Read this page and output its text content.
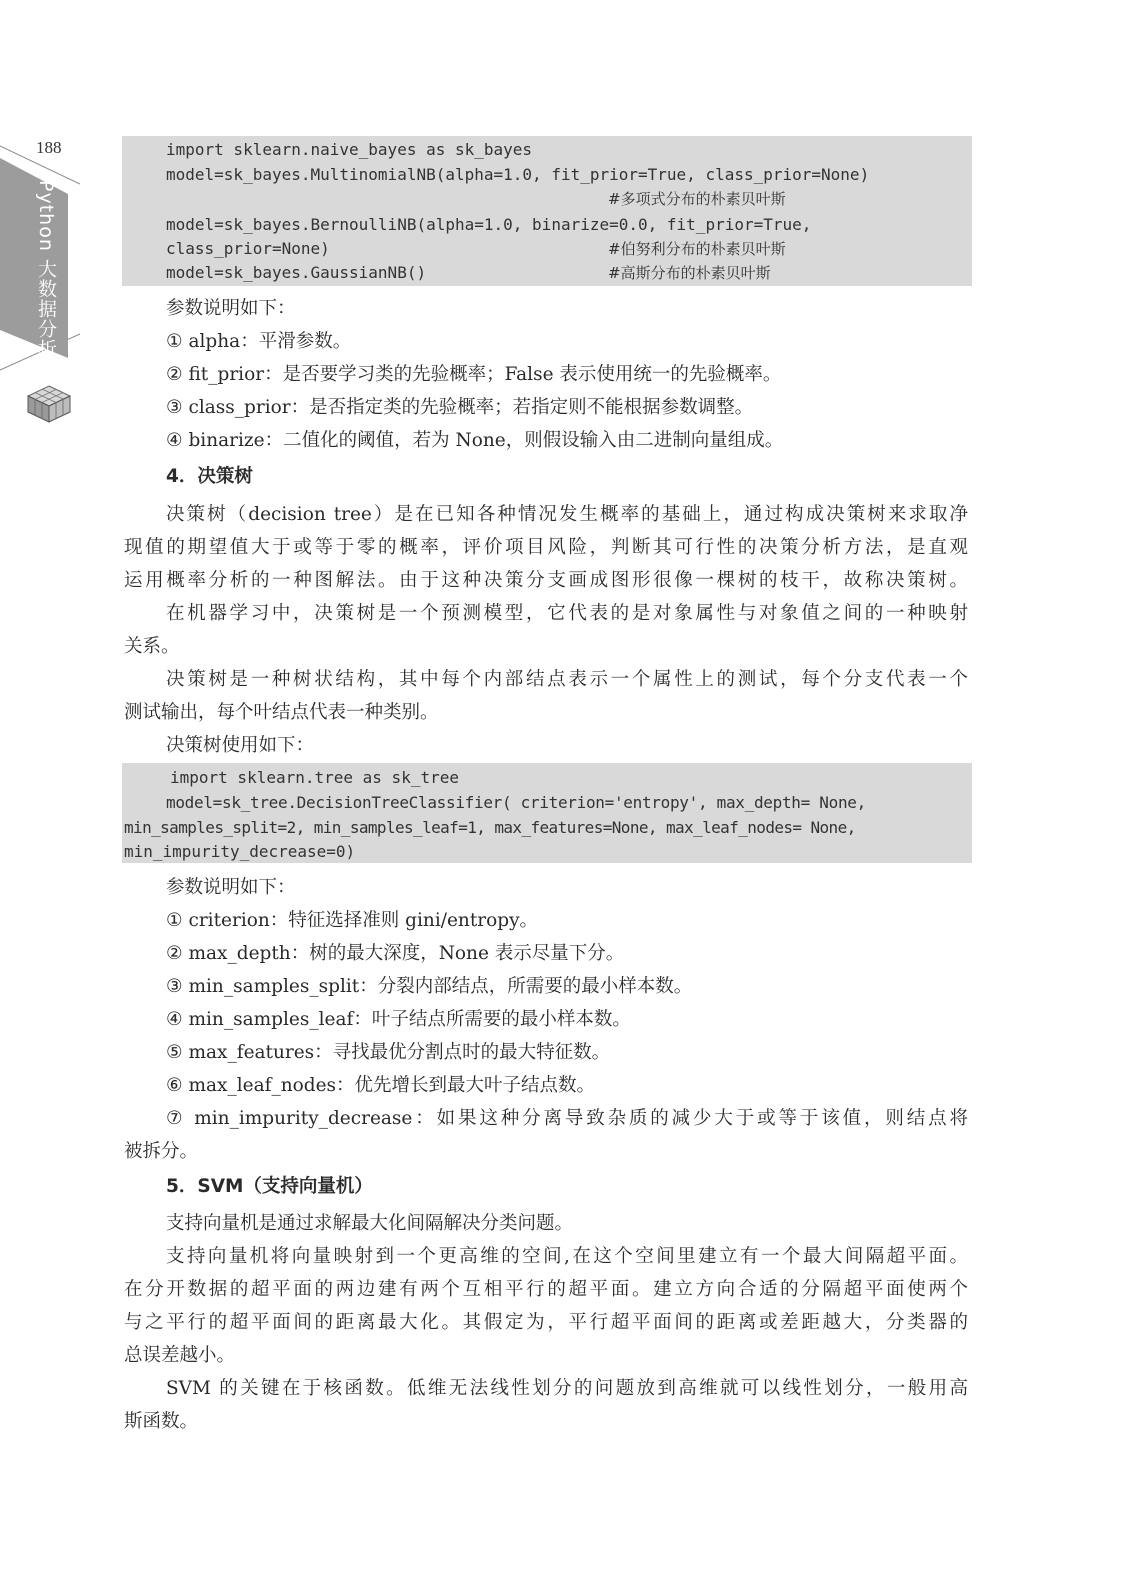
188
Python 大数据分析

import sklearn.naive_bayes as sk_bayes

model=sk_bayes.MultinomialNB(alpha=1.0, fit_prior=True, class_prior=None)

#多项式分布的朴素贝叶斯

model=sk_bayes.BernoulliNB(alpha=1.0, binarize=0.0, fit_prior=True,

class_prior=None)

	#伯努利分布的朴素贝叶斯

model=sk_bayes.GaussianNB()

	#高斯分布的朴素贝叶斯

参数说明如下：
① alpha：平滑参数。
② fit_prior：是否要学习类的先验概率；False 表示使用统一的先验概率。
③ class_prior：是否指定类的先验概率；若指定则不能根据参数调整。
④ binarize：二值化的阈值，若为 None，则假设输入由二进制向量组成。
4．决策树
决策树（decision tree）是在已知各种情况发生概率的基础上，通过构成决策树来求取净
现值的期望值大于或等于零的概率，评价项目风险，判断其可行性的决策分析方法，是直观
运用概率分析的一种图解法。由于这种决策分支画成图形很像一棵树的枝干，故称决策树。
在机器学习中，决策树是一个预测模型，它代表的是对象属性与对象值之间的一种映射
关系。
决策树是一种树状结构，其中每个内部结点表示一个属性上的测试，每个分支代表一个
测试输出，每个叶结点代表一种类别。
决策树使用如下：

import sklearn.tree as sk_tree

model=sk_tree.DecisionTreeClassifier( criterion='entropy', max_depth= None,

min_samples_split=2, min_samples_leaf=1, max_features=None, max_leaf_nodes= None,

min_impurity_decrease=0)

参数说明如下：
① criterion：特征选择准则 gini/entropy。
② max_depth：树的最大深度，None 表示尽量下分。
③ min_samples_split：分裂内部结点，所需要的最小样本数。
④ min_samples_leaf：叶子结点所需要的最小样本数。
⑤ max_features：寻找最优分割点时的最大特征数。
⑥ max_leaf_nodes：优先增长到最大叶子结点数。
⑦ min_impurity_decrease：如果这种分离导致杂质的减少大于或等于该值，则结点将
被拆分。
5．SVM（支持向量机）
支持向量机是通过求解最大化间隔解决分类问题。
支持向量机将向量映射到一个更高维的空间,在这个空间里建立有一个最大间隔超平面。
在分开数据的超平面的两边建有两个互相平行的超平面。建立方向合适的分隔超平面使两个
与之平行的超平面间的距离最大化。其假定为，平行超平面间的距离或差距越大，分类器的
总误差越小。
SVM 的关键在于核函数。低维无法线性划分的问题放到高维就可以线性划分，一般用高
斯函数。
